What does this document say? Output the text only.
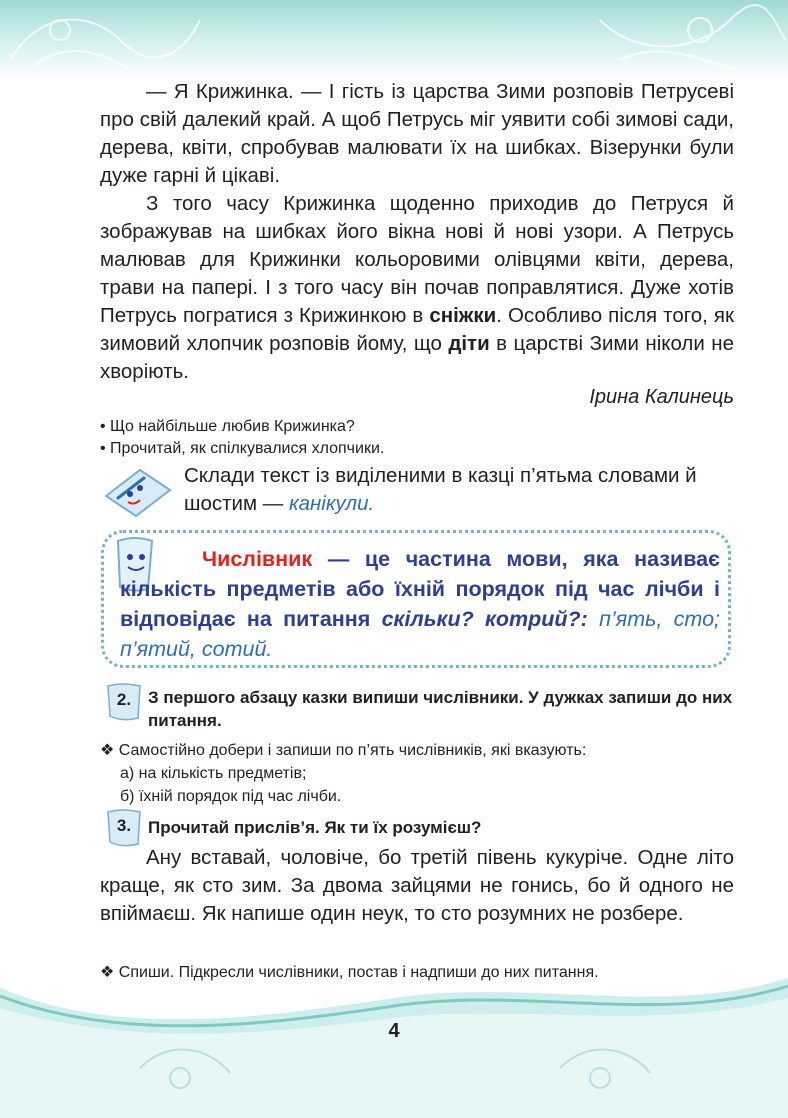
— Я Крижинка. — І гість із царства Зими розповів Петрусеві про свій далекий край. А щоб Петрусь міг уявити собі зимові сади, дерева, квіти, спробував малювати їх на шибках. Візерунки були дуже гарні й цікаві.

З того часу Крижинка щоденно приходив до Петруся й зображував на шибках його вікна нові й нові узори. А Петрусь малював для Крижинки кольоровими олівцями квіти, дерева, трави на папері. І з того часу він почав поправлятися. Дуже хотів Петрусь погратися з Крижинкою в сніжки. Особливо після того, як зимовий хлопчик розповів йому, що діти в царстві Зими ніколи не хворіють.

Ірина Калинець
• Що найбільше любив Крижинка?
• Прочитай, як спілкувалися хлопчики.

Склади текст із виділеними в казці п’ятьма словами й шостим — канікули.

Числівник — це частина мови, яка називає кількість предметів або їхній порядок під час лічби і відповідає на питання скільки? котрий?: п’ять, сто; п’ятий, сотий.

2. З першого абзацу казки випиши числівники. У дужках запиши до них питання.

❖ Самостійно добери і запиши по п’ять числівників, які вказують:
а) на кількість предметів;
б) їхній порядок під час лічби.
3. Прочитай прислів’я. Як ти їх розумієш?

Ану вставай, чоловіче, бо третій півень кукуріче. Одне літо краще, як сто зим. За двома зайцями не гонись, бо й одного не впіймаєш. Як напише один неук, то сто розумних не розбере.

❖ Спиши. Підкресли числівники, постав і надпиши до них питання.
4
